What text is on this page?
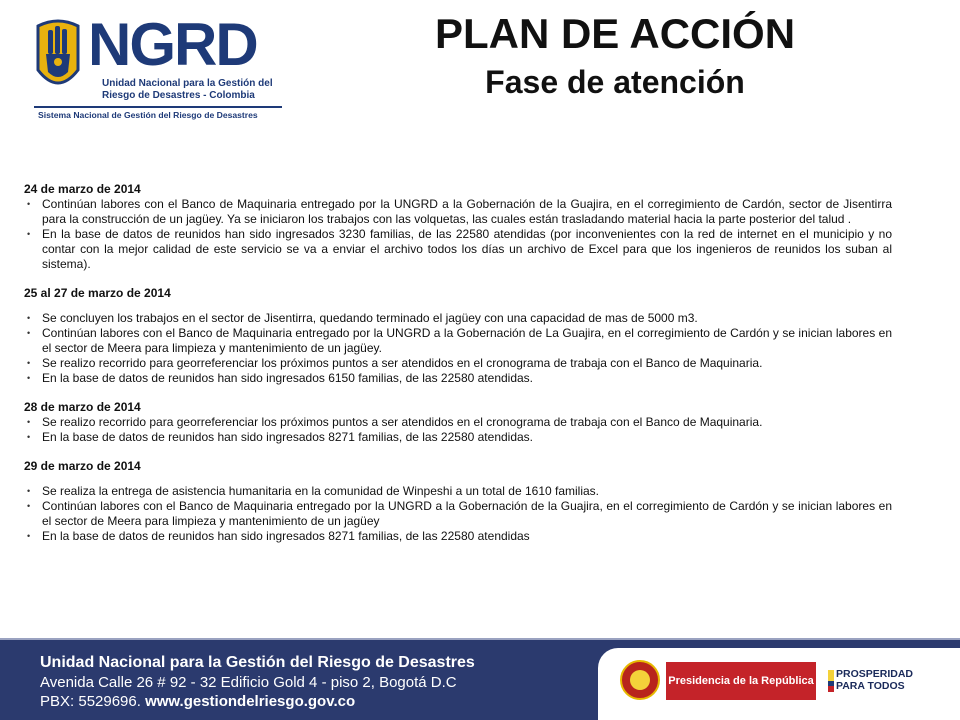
NGRD
Unidad Nacional para la Gestión del
Riesgo de Desastres - Colombia
Sistema Nacional de Gestión del Riesgo de Desastres
PLAN DE ACCIÓN
Fase de atención

24 de marzo de 2014

• Continúan labores con el Banco de Maquinaria entregado por la UNGRD a la Gobernación de la Guajira, en el corregimiento de Cardón, sector de Jisentirra para la construcción de un jagüey. Ya se iniciaron los trabajos con las volquetas, las cuales están trasladando material hacia la parte posterior del talud .
• En la base de datos de reunidos han sido ingresados 3230 familias, de las 22580 atendidas (por inconvenientes con la red de internet en el municipio y no contar con la mejor calidad de este servicio se va a enviar el archivo todos los días un archivo de Excel para que los ingenieros de reunidos los suban al sistema).

25 al 27 de marzo de 2014

• Se concluyen los trabajos en el sector de Jisentirra, quedando terminado el jagüey con una capacidad de mas de 5000 m3.
• Continúan labores con el Banco de Maquinaria entregado por la UNGRD a la Gobernación de La Guajira, en el corregimiento de Cardón y se inician labores en el sector de Meera para limpieza y mantenimiento de un jagüey.
• Se realizo recorrido para georreferenciar los próximos puntos a ser atendidos en el cronograma de trabaja con el Banco de Maquinaria.
• En la base de datos de reunidos han sido ingresados 6150 familias, de las 22580 atendidas.

28 de marzo de 2014

• Se realizo recorrido para georreferenciar los próximos puntos a ser atendidos en el cronograma de trabaja con el Banco de Maquinaria.
• En la base de datos de reunidos han sido ingresados 8271 familias, de las 22580 atendidas.

29 de marzo de 2014

• Se realiza la entrega de asistencia humanitaria en la comunidad de Winpeshi a un total de 1610 familias.
• Continúan labores con el Banco de Maquinaria entregado por la UNGRD a la Gobernación de la Guajira, en el corregimiento de Cardón y se inician labores en el sector de Meera para limpieza y mantenimiento de un jagüey
• En la base de datos de reunidos han sido ingresados 8271 familias, de las 22580 atendidas
Unidad Nacional para la Gestión del Riesgo de Desastres
Avenida Calle 26 # 92 - 32 Edificio Gold 4 - piso 2, Bogotá D.C
PBX: 5529696. www.gestiondelriesgo.gov.co
Presidencia de la República
PROSPERIDAD
PARA TODOS
